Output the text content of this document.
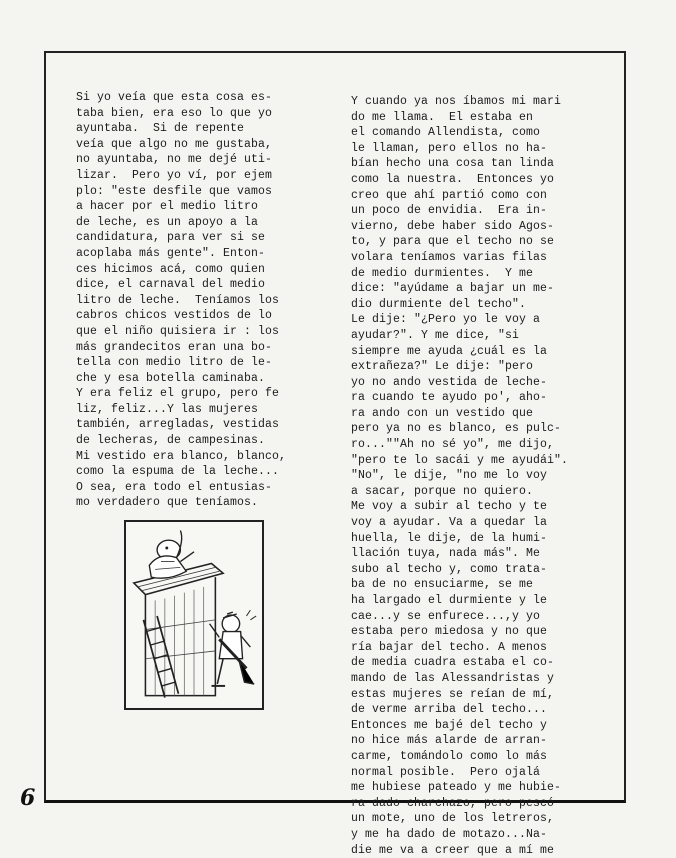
Si yo veía que esta cosa es-
taba bien, era eso lo que yo
ayuntaba.  Si de repente
veía que algo no me gustaba,
no ayuntaba, no me dejé uti-
lizar.  Pero yo ví, por ejem
plo: "este desfile que vamos
a hacer por el medio litro
de leche, es un apoyo a la
candidatura, para ver si se
acoplaba más gente". Enton-
ces hicimos acá, como quien
dice, el carnaval del medio
litro de leche.  Teníamos los
cabros chicos vestidos de lo
que el niño quisiera ir : los
más grandecitos eran una bo-
tella con medio litro de le-
che y esa botella caminaba.
Y era feliz el grupo, pero fe
liz, feliz...Y las mujeres
también, arregladas, vestidas
de lecheras, de campesinas.
Mi vestido era blanco, blanco,
como la espuma de la leche...
O sea, era todo el entusias-
mo verdadero que teníamos.

Y cuando ya nos íbamos mi mari
do me llama.  El estaba en
el comando Allendista, como
le llaman, pero ellos no ha-
bían hecho una cosa tan linda
como la nuestra.  Entonces yo
creo que ahí partió como con
un poco de envidia.  Era in-
vierno, debe haber sido Agos-
to, y para que el techo no se
volara teníamos varias filas
de medio durmientes.  Y me
dice: "ayúdame a bajar un me-
dio durmiente del techo".
Le dije: "¿Pero yo le voy a
ayudar?". Y me dice, "si
siempre me ayuda ¿cuál es la
extrañeza?" Le dije: "pero
yo no ando vestida de leche-
ra cuando te ayudo po', aho-
ra ando con un vestido que
pero ya no es blanco, es pulc-
ro...""Ah no sé yo", me dijo,
"pero te lo sacái y me ayudái".
"No", le dije, "no me lo voy
a sacar, porque no quiero.
Me voy a subir al techo y te
voy a ayudar. Va a quedar la
huella, le dije, de la humi-
llación tuya, nada más". Me
subo al techo y, como trata-
ba de no ensuciarme, se me
ha largado el durmiente y le
cae...y se enfurece...,y yo
estaba pero miedosa y no que
ría bajar del techo. A menos
de media cuadra estaba el co-
mando de las Alessandristas y
estas mujeres se reían de mí,
de verme arriba del techo...
Entonces me bajé del techo y
no hice más alarde de arran-
carme, tomándolo como lo más
normal posible.  Pero ojalá
me hubiese pateado y me hubie-
ra dado charchazo, pero pescó
un mote, uno de los letreros,
y me ha dado de motazo...Na-
die me va a creer que a mí me

6
